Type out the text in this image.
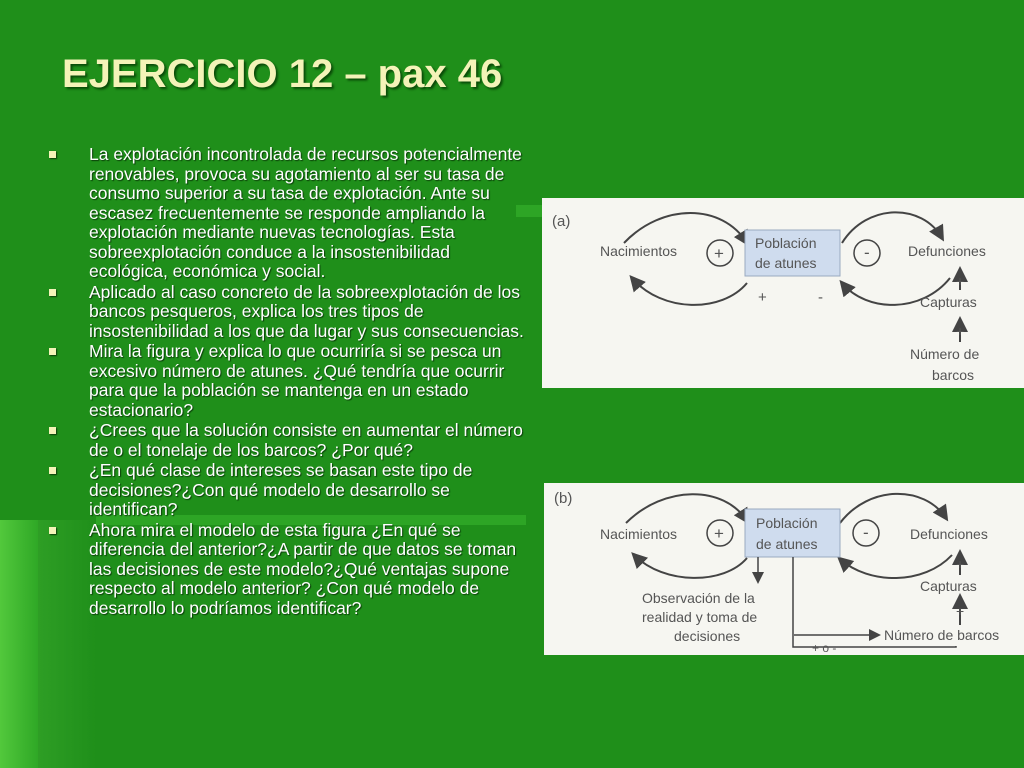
EJERCICIO 12 – pax 46
La explotación incontrolada de recursos potencialmente renovables, provoca su agotamiento al ser su tasa de consumo superior a su tasa de explotación. Ante su escasez frecuentemente se responde ampliando la explotación mediante nuevas tecnologías. Esta sobreexplotación conduce a la insostenibilidad ecológica, económica y social.
Aplicado al caso concreto de la sobreexplotación de los bancos pesqueros, explica los tres tipos de insostenibilidad a los que da lugar y sus consecuencias.
Mira la figura y explica lo que ocurriría si se pesca un excesivo número de atunes. ¿Qué tendría que ocurrir para que la población se mantenga en un estado estacionario?
¿Crees que la solución consiste en aumentar el número de o el tonelaje de los barcos? ¿Por qué?
¿En qué clase de intereses se basan este tipo de decisiones?¿Con qué modelo de desarrollo se identifican?
Ahora mira el modelo de esta figura ¿En qué se diferencia del anterior?¿A partir de que datos se toman las decisiones de este modelo?¿Qué ventajas supone respecto al modelo anterior? ¿Con qué modelo de desarrollo lo podríamos identificar?
(a)
+
+
-
-
Población
de atunes
Nacimientos	Defunciones
+
Capturas
+
Número de
barcos
(b)
+	-
Población
de atunes
Nacimientos	Defunciones
Observación de la
realidad y toma de
decisiones
+ o -
Número de barcos
+
Capturas
+
